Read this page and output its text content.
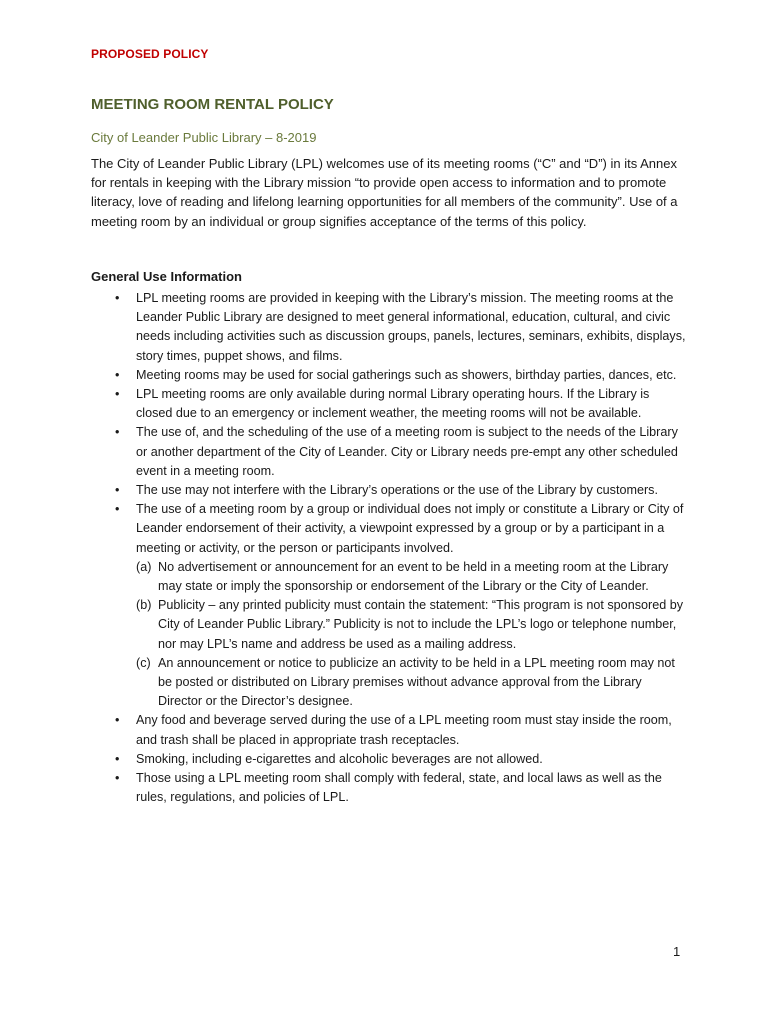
PROPOSED POLICY
MEETING ROOM RENTAL POLICY
City of Leander Public Library – 8-2019

The City of Leander Public Library (LPL) welcomes use of its meeting rooms (“C” and “D”) in its Annex for rentals in keeping with the Library mission “to provide open access to information and to promote literacy, love of reading and lifelong learning opportunities for all members of the community”. Use of a meeting room by an individual or group signifies acceptance of the terms of this policy.

General Use Information
• LPL meeting rooms are provided in keeping with the Library’s mission. The meeting rooms at the Leander Public Library are designed to meet general informational, education, cultural, and civic needs including activities such as discussion groups, panels, lectures, seminars, exhibits, displays, story times, puppet shows, and films.
• Meeting rooms may be used for social gatherings such as showers, birthday parties, dances, etc.
• LPL meeting rooms are only available during normal Library operating hours. If the Library is closed due to an emergency or inclement weather, the meeting rooms will not be available.
• The use of, and the scheduling of the use of a meeting room is subject to the needs of the Library or another department of the City of Leander. City or Library needs pre-empt any other scheduled event in a meeting room.
• The use may not interfere with the Library’s operations or the use of the Library by customers.
• The use of a meeting room by a group or individual does not imply or constitute a Library or City of Leander endorsement of their activity, a viewpoint expressed by a group or by a participant in a meeting or activity, or the person or participants involved.
(a) No advertisement or announcement for an event to be held in a meeting room at the Library may state or imply the sponsorship or endorsement of the Library or the City of Leander.
(b) Publicity – any printed publicity must contain the statement: “This program is not sponsored by City of Leander Public Library.” Publicity is not to include the LPL’s logo or telephone number, nor may LPL’s name and address be used as a mailing address.
(c) An announcement or notice to publicize an activity to be held in a LPL meeting room may not be posted or distributed on Library premises without advance approval from the Library Director or the Director’s designee.
• Any food and beverage served during the use of a LPL meeting room must stay inside the room, and trash shall be placed in appropriate trash receptacles.
• Smoking, including e-cigarettes and alcoholic beverages are not allowed.
• Those using a LPL meeting room shall comply with federal, state, and local laws as well as the rules, regulations, and policies of LPL.
1
